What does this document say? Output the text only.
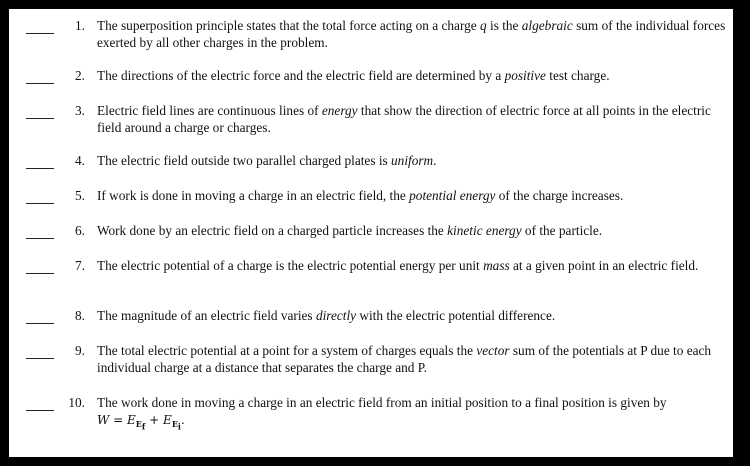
1. The superposition principle states that the total force acting on a charge q is the algebraic sum of the individual forces exerted by all other charges in the problem.
2. The directions of the electric force and the electric field are determined by a positive test charge.
3. Electric field lines are continuous lines of energy that show the direction of electric force at all points in the electric field around a charge or charges.
4. The electric field outside two parallel charged plates is uniform.
5. If work is done in moving a charge in an electric field, the potential energy of the charge increases.
6. Work done by an electric field on a charged particle increases the kinetic energy of the particle.
7. The electric potential of a charge is the electric potential energy per unit mass at a given point in an electric field.
8. The magnitude of an electric field varies directly with the electric potential difference.
9. The total electric potential at a point for a system of charges equals the vector sum of the potentials at P due to each individual charge at a distance that separates the charge and P.
10. The work done in moving a charge in an electric field from an initial position to a final position is given by
$W = E_{E_f} + E_{E_i}$.
